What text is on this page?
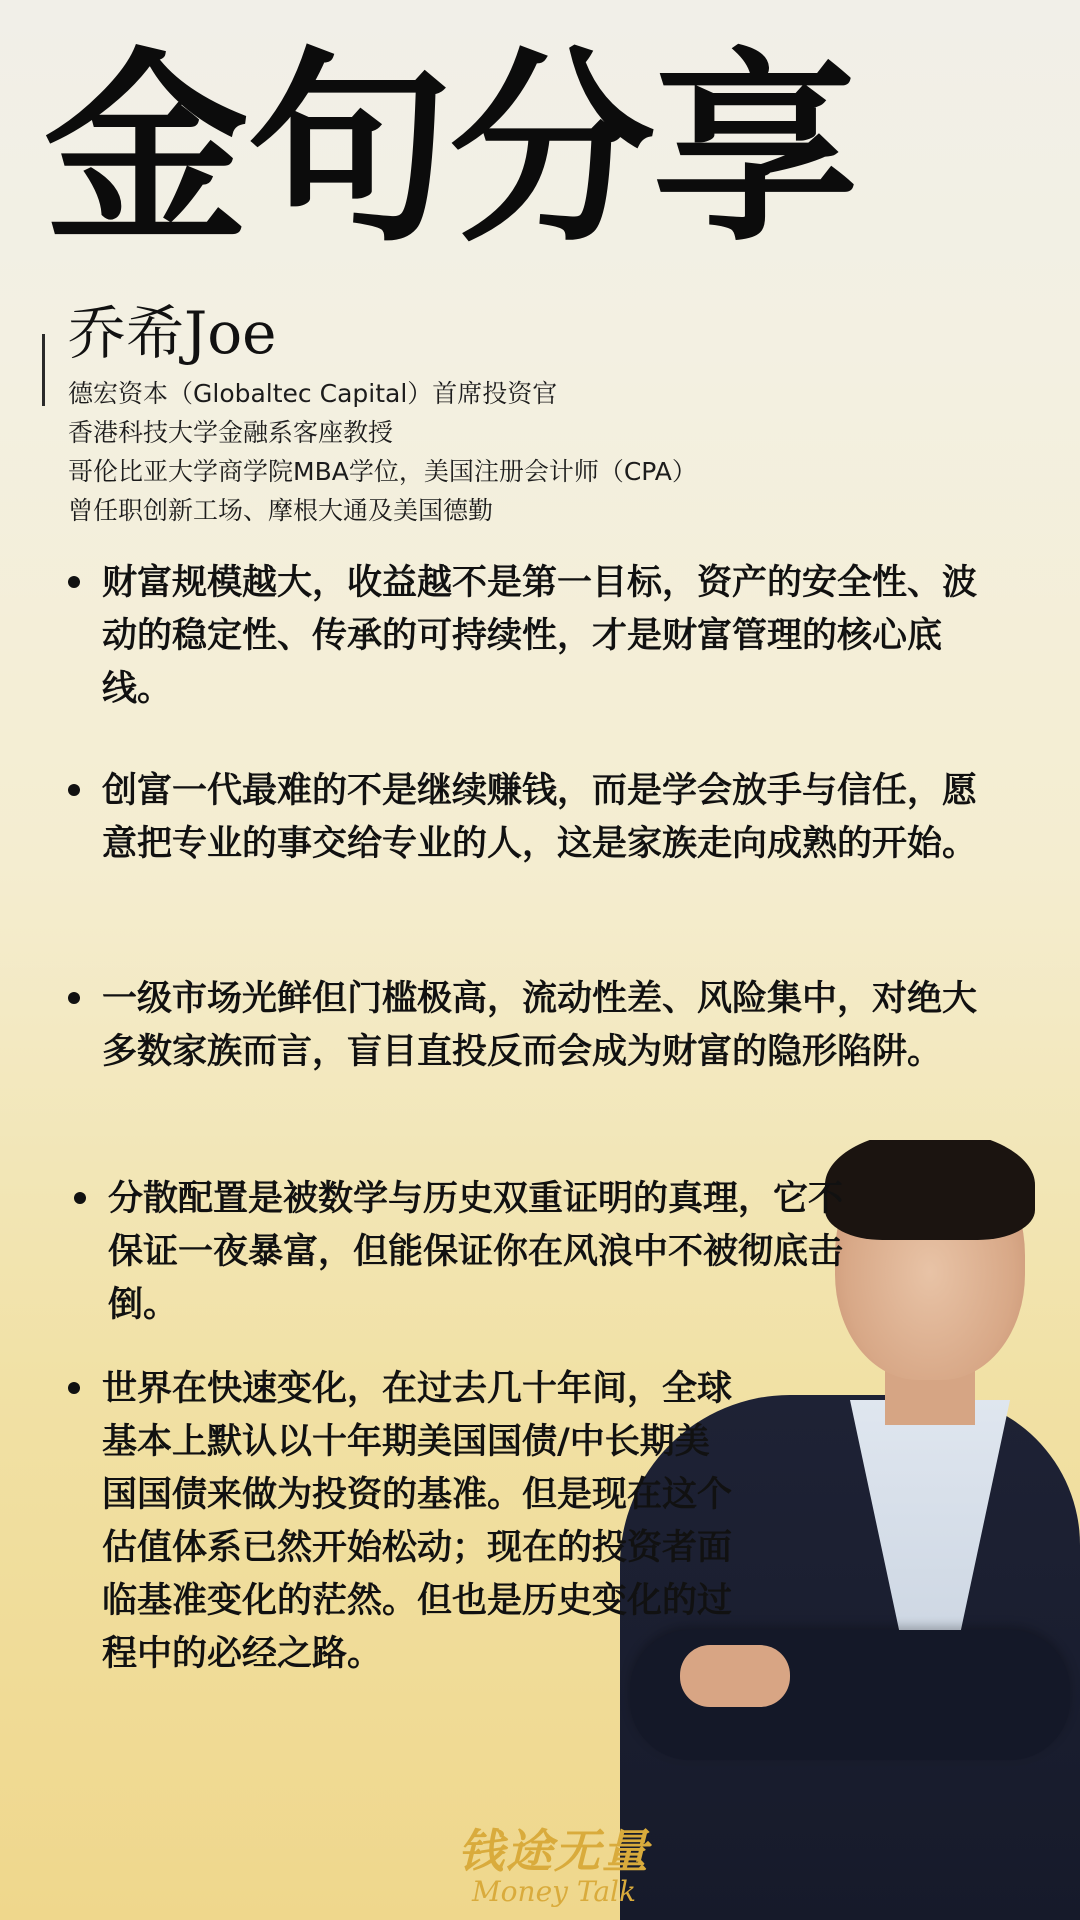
金句分享
乔希Joe
德宏资本（Globaltec Capital）首席投资官
香港科技大学金融系客座教授
哥伦比亚大学商学院MBA学位，美国注册会计师（CPA）
曾任职创新工场、摩根大通及美国德勤

财富规模越大，收益越不是第一目标，资产的安全性、波动的稳定性、传承的可持续性，才是财富管理的核心底线。

创富一代最难的不是继续赚钱，而是学会放手与信任，愿意把专业的事交给专业的人，这是家族走向成熟的开始。

一级市场光鲜但门槛极高，流动性差、风险集中，对绝大多数家族而言，盲目直投反而会成为财富的隐形陷阱。

分散配置是被数学与历史双重证明的真理，它不保证一夜暴富，但能保证你在风浪中不被彻底击倒。

世界在快速变化，在过去几十年间，全球基本上默认以十年期美国国债/中长期美国国债来做为投资的基准。但是现在这个估值体系已然开始松动；现在的投资者面临基准变化的茫然。但也是历史变化的过程中的必经之路。

钱途无量
Money Talk
